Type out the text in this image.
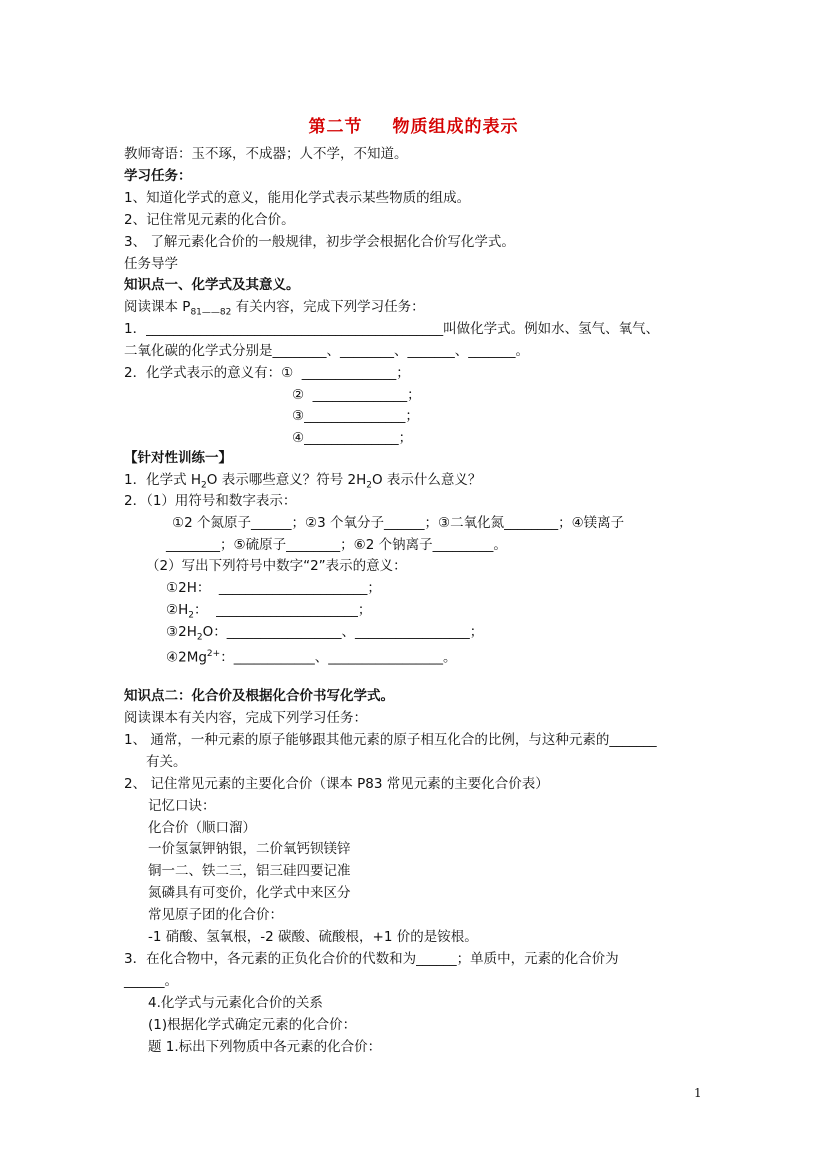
第二节 物质组成的表示
教师寄语：玉不琢，不成器；人不学，不知道。
学习任务：
1、知道化学式的意义，能用化学式表示某些物质的组成。
2、记住常见元素的化合价。
3、 了解元素化合价的一般规律，初步学会根据化合价写化学式。
任务导学
知识点一、化学式及其意义。
阅读课本 $P_{81——82}$ 有关内容，完成下列学习任务：
1．____________________________________________叫做化学式。例如水、氢气、氧气、
二氧化碳的化学式分别是________、________、_______、_______。
2．化学式表示的意义有：①  ______________；
②  ______________；
③_______________；
④______________；
【针对性训练一】
1．化学式 $H_2O$ 表示哪些意义？符号 $2H_2O$ 表示什么意义？
2．（1）用符号和数字表示：
①2 个氮原子______；②3 个氧分子______；③二氧化氮________；④镁离子
________；⑤硫原子________；⑥2 个钠离子_________。
（2）写出下列符号中数字“2”表示的意义：
①2H：  ______________________；
$②H_2$：  _____________________；
$③2H_2O$：_________________、_________________；
$④2Mg^{2+}$：____________、_________________。
知识点二：化合价及根据化合价书写化学式。
阅读课本有关内容，完成下列学习任务：
1、 通常，一种元素的原子能够跟其他元素的原子相互化合的比例，与这种元素的_______
有关。
2、 记住常见元素的主要化合价（课本 P83 常见元素的主要化合价表）
记忆口诀：
化合价（顺口溜）
一价氢氯钾钠银，二价氧钙钡镁锌
铜一二、铁二三，铝三硅四要记准
氮磷具有可变价，化学式中来区分
常见原子团的化合价：
-1 硝酸、氢氧根，-2 碳酸、硫酸根，+1 价的是铵根。
3．在化合物中，各元素的正负化合价的代数和为______；单质中，元素的化合价为
______。
4.化学式与元素化合价的关系
(1)根据化学式确定元素的化合价：
题 1.标出下列物质中各元素的化合价：
1
